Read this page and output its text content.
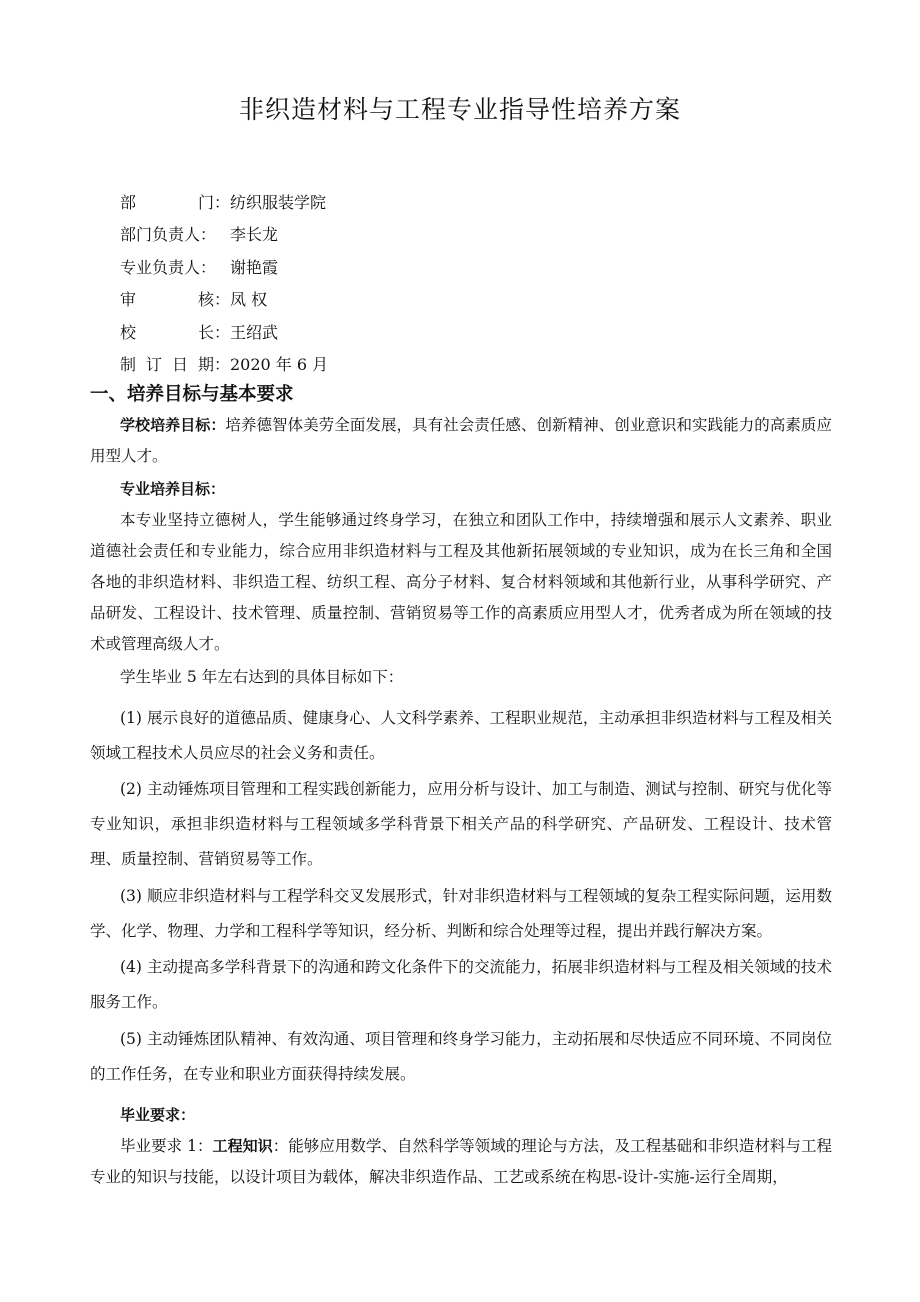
非织造材料与工程专业指导性培养方案
部	门： 纺织服装学院
部门负责人： 李长龙
专业负责人： 谢艳霞
审	核： 凤 权
校	长： 王绍武
制 订 日 期： 2020 年 6 月
一、培养目标与基本要求
学校培养目标：培养德智体美劳全面发展，具有社会责任感、创新精神、创业意识和实践能力的高素质应用型人才。
专业培养目标：
本专业坚持立德树人，学生能够通过终身学习，在独立和团队工作中，持续增强和展示人文素养、职业道德社会责任和专业能力，综合应用非织造材料与工程及其他新拓展领域的专业知识，成为在长三角和全国各地的非织造材料、非织造工程、纺织工程、高分子材料、复合材料领域和其他新行业，从事科学研究、产品研发、工程设计、技术管理、质量控制、营销贸易等工作的高素质应用型人才，优秀者成为所在领域的技术或管理高级人才。
学生毕业 5 年左右达到的具体目标如下：
(1) 展示良好的道德品质、健康身心、人文科学素养、工程职业规范，主动承担非织造材料与工程及相关领域工程技术人员应尽的社会义务和责任。
(2) 主动锤炼项目管理和工程实践创新能力，应用分析与设计、加工与制造、测试与控制、研究与优化等专业知识，承担非织造材料与工程领域多学科背景下相关产品的科学研究、产品研发、工程设计、技术管理、质量控制、营销贸易等工作。
(3) 顺应非织造材料与工程学科交叉发展形式，针对非织造材料与工程领域的复杂工程实际问题，运用数学、化学、物理、力学和工程科学等知识，经分析、判断和综合处理等过程，提出并践行解决方案。
(4) 主动提高多学科背景下的沟通和跨文化条件下的交流能力，拓展非织造材料与工程及相关领域的技术服务工作。
(5) 主动锤炼团队精神、有效沟通、项目管理和终身学习能力，主动拓展和尽快适应不同环境、不同岗位的工作任务，在专业和职业方面获得持续发展。
毕业要求：
毕业要求 1：工程知识：能够应用数学、自然科学等领域的理论与方法，及工程基础和非织造材料与工程专业的知识与技能，以设计项目为载体，解决非织造作品、工艺或系统在构思-设计-实施-运行全周期，
